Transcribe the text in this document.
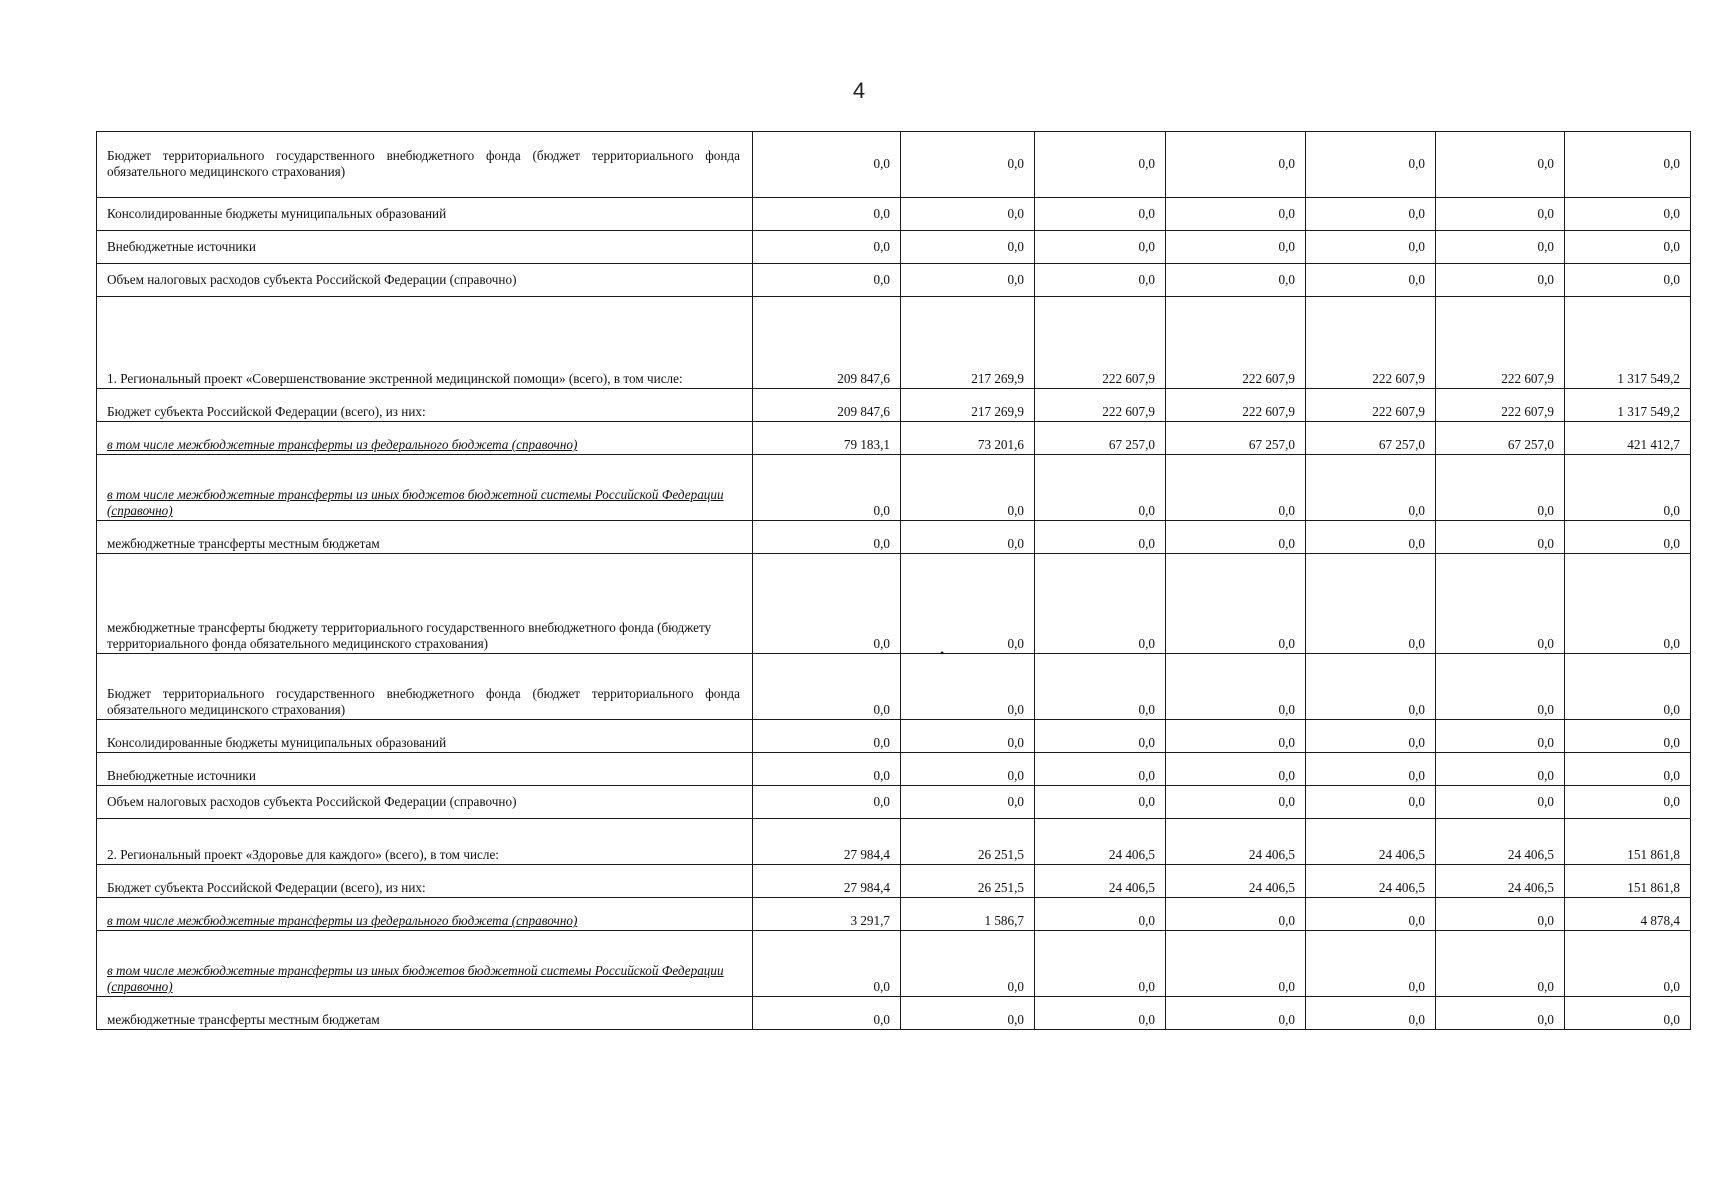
4
Бюджет территориального государственного внебюджетного фонда (бюджет территориального фонда обязательного медицинского страхования)	0,0	0,0	0,0	0,0	0,0	0,0	0,0
Консолидированные бюджеты муниципальных образований	0,0	0,0	0,0	0,0	0,0	0,0	0,0
Внебюджетные источники	0,0	0,0	0,0	0,0	0,0	0,0	0,0
Объем налоговых расходов субъекта Российской Федерации (справочно)	0,0	0,0	0,0	0,0	0,0	0,0	0,0
1. Региональный проект «Совершенствование экстренной медицинской помощи» (всего), в том числе:	209 847,6	217 269,9	222 607,9	222 607,9	222 607,9	222 607,9	1 317 549,2
Бюджет субъекта Российской Федерации (всего), из них:	209 847,6	217 269,9	222 607,9	222 607,9	222 607,9	222 607,9	1 317 549,2
в том числе межбюджетные трансферты из федерального бюджета (справочно)	79 183,1	73 201,6	67 257,0	67 257,0	67 257,0	67 257,0	421 412,7
в том числе межбюджетные трансферты из иных бюджетов бюджетной системы Российской Федерации (справочно)	0,0	0,0	0,0	0,0	0,0	0,0	0,0
межбюджетные трансферты местным бюджетам	0,0	0,0	0,0	0,0	0,0	0,0	0,0
межбюджетные трансферты бюджету территориального государственного внебюджетного фонда (бюджету территориального фонда обязательного медицинского страхования)	0,0	0,0	0,0	0,0	0,0	0,0	0,0
Бюджет территориального государственного внебюджетного фонда (бюджет территориального фонда обязательного медицинского страхования)	0,0	0,0	0,0	0,0	0,0	0,0	0,0
Консолидированные бюджеты муниципальных образований	0,0	0,0	0,0	0,0	0,0	0,0	0,0
Внебюджетные источники	0,0	0,0	0,0	0,0	0,0	0,0	0,0
Объем налоговых расходов субъекта Российской Федерации (справочно)	0,0	0,0	0,0	0,0	0,0	0,0	0,0
2. Региональный проект «Здоровье для каждого» (всего), в том числе:	27 984,4	26 251,5	24 406,5	24 406,5	24 406,5	24 406,5	151 861,8
Бюджет субъекта Российской Федерации (всего), из них:	27 984,4	26 251,5	24 406,5	24 406,5	24 406,5	24 406,5	151 861,8
в том числе межбюджетные трансферты из федерального бюджета (справочно)	3 291,7	1 586,7	0,0	0,0	0,0	0,0	4 878,4
в том числе межбюджетные трансферты из иных бюджетов бюджетной системы Российской Федерации (справочно)	0,0	0,0	0,0	0,0	0,0	0,0	0,0
межбюджетные трансферты местным бюджетам	0,0	0,0	0,0	0,0	0,0	0,0	0,0
•
